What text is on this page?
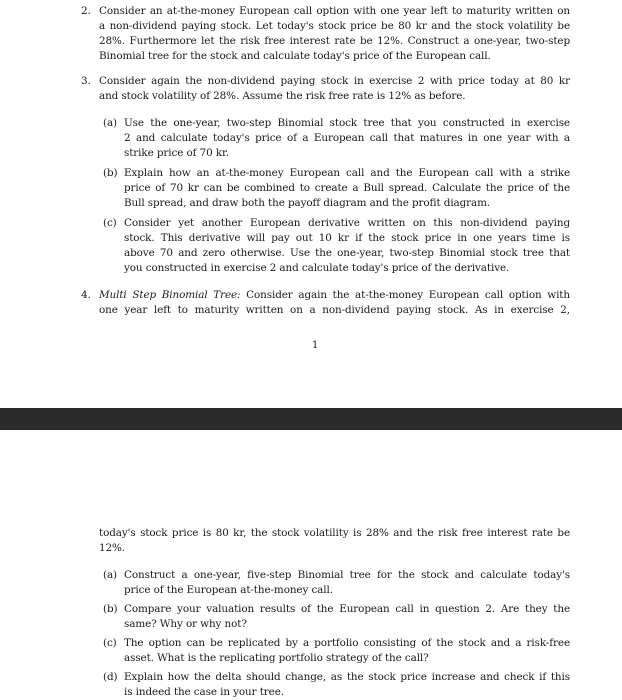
2. Consider an at-the-money European call option with one year left to maturity written on
a non-dividend paying stock. Let today's stock price be 80 kr and the stock volatility be
28%. Furthermore let the risk free interest rate be 12%. Construct a one-year, two-step
Binomial tree for the stock and calculate today's price of the European call.
3. Consider again the non-dividend paying stock in exercise 2 with price today at 80 kr
and stock volatility of 28%. Assume the risk free rate is 12% as before.
(a) Use the one-year, two-step Binomial stock tree that you constructed in exercise
2 and calculate today's price of a European call that matures in one year with a
strike price of 70 kr.
(b) Explain how an at-the-money European call and the European call with a strike
price of 70 kr can be combined to create a Bull spread. Calculate the price of the
Bull spread, and draw both the payoff diagram and the profit diagram.
(c) Consider yet another European derivative written on this non-dividend paying
stock. This derivative will pay out 10 kr if the stock price in one years time is
above 70 and zero otherwise. Use the one-year, two-step Binomial stock tree that
you constructed in exercise 2 and calculate today's price of the derivative.
4. Multi Step Binomial Tree: Consider again the at-the-money European call option with
one year left to maturity written on a non-dividend paying stock. As in exercise 2,
1
today's stock price is 80 kr, the stock volatility is 28% and the risk free interest rate be
12%.
(a) Construct a one-year, five-step Binomial tree for the stock and calculate today's
price of the European at-the-money call.
(b) Compare your valuation results of the European call in question 2. Are they the
same? Why or why not?
(c) The option can be replicated by a portfolio consisting of the stock and a risk-free
asset. What is the replicating portfolio strategy of the call?
(d) Explain how the delta should change, as the stock price increase and check if this
is indeed the case in your tree.
